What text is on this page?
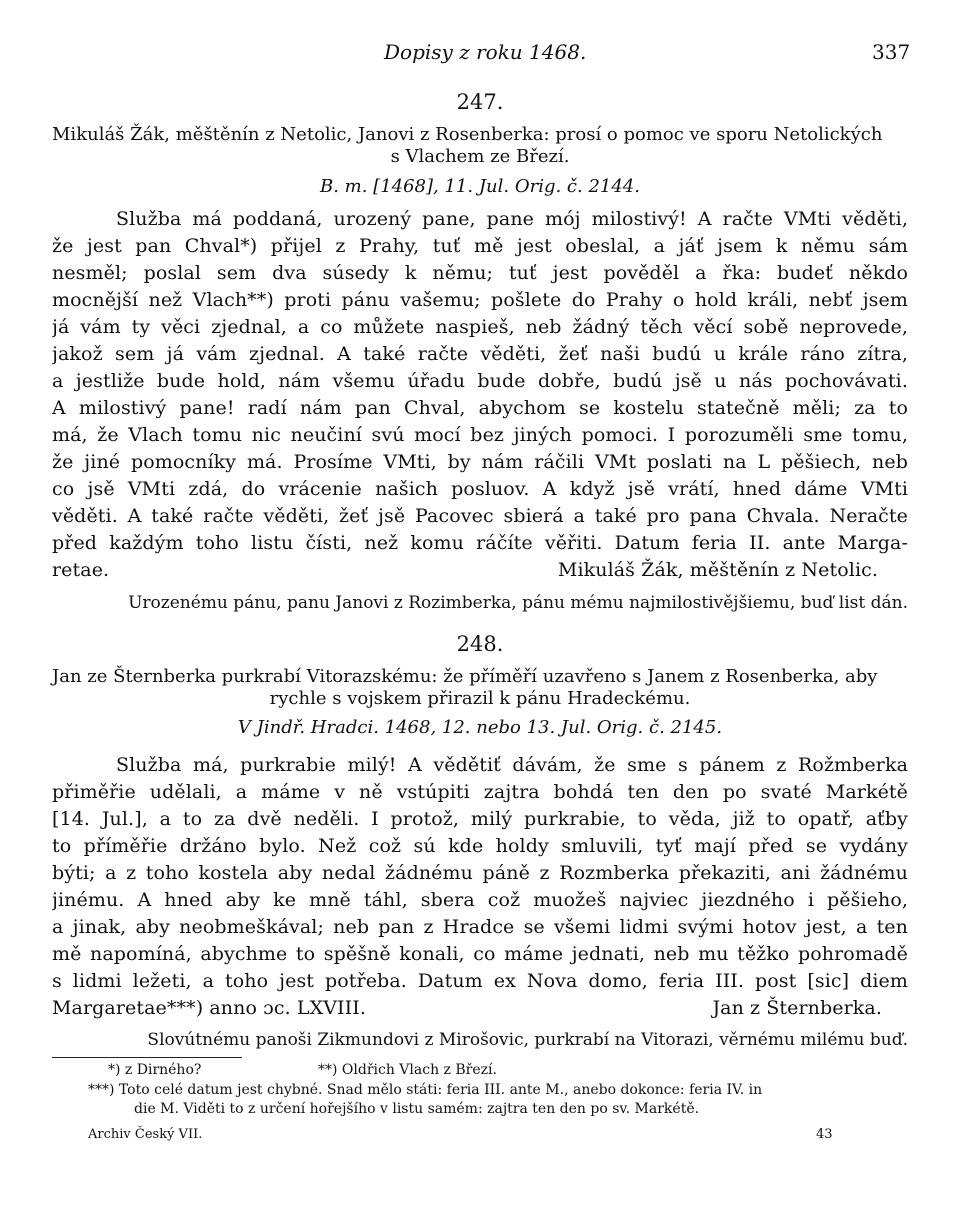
Dopisy z roku 1468.	337
247.
Mikuláš Žák, měštěnín z Netolic, Janovi z Rosenberka: prosí o pomoc ve sporu Netolických
s Vlachem ze Březí.
B. m. [1468], 11. Jul. Orig. č. 2144.
Služba má poddaná, urozený pane, pane mój milostivý! A račte VMti věděti,
že jest pan Chval*) přijel z Prahy, tuť mě jest obeslal, a jáť jsem k němu sám
nesměl; poslal sem dva súsedy k němu; tuť jest pověděl a řka: budeť někdo
mocnější než Vlach**) proti pánu vašemu; pošlete do Prahy o hold králi, nebť jsem
já vám ty věci zjednal, a co můžete naspieš, neb žádný těch věcí sobě neprovede,
jakož sem já vám zjednal. A také račte věděti, žeť naši budú u krále ráno zítra,
a jestliže bude hold, nám všemu úřadu bude dobře, budú jsě u nás pochovávati.
A milostivý pane! radí nám pan Chval, abychom se kostelu statečně měli; za to
má, že Vlach tomu nic neučiní svú mocí bez jiných pomoci. I porozuměli sme tomu,
že jiné pomocníky má. Prosíme VMti, by nám ráčili VMt poslati na L pěšiech, neb
co jsě VMti zdá, do vrácenie našich posluov. A když jsě vrátí, hned dáme VMti
věděti. A také račte věděti, žeť jsě Pacovec sbierá a také pro pana Chvala. Neračte
před každým toho listu čísti, než komu ráčíte věřiti. Datum feria II. ante Marga-
retae.	Mikuláš Žák, měštěnín z Netolic.
Urozenému pánu, panu Janovi z Rozimberka, pánu mému najmilostivějšiemu, buď list dán.
248.
Jan ze Šternberka purkrabí Vitorazskému: že příměří uzavřeno s Janem z Rosenberka, aby
rychle s vojskem přirazil k pánu Hradeckému.
V Jindř. Hradci. 1468, 12. nebo 13. Jul. Orig. č. 2145.
Služba má, purkrabie milý! A vědětiť dávám, že sme s pánem z Rožmberka
přiměřie udělali, a máme v ně vstúpiti zajtra bohdá ten den po svaté Markétě
[14. Jul.], a to za dvě neděli. I protož, milý purkrabie, to věda, již to opatř, aťby
to příměřie držáno bylo. Než což sú kde holdy smluvili, tyť mají před se vydány
býti; a z toho kostela aby nedal žádnému páně z Rozmberka překaziti, ani žádnému
jinému. A hned aby ke mně táhl, sbera což muožeš najviec jiezdného i pěšieho,
a jinak, aby neobmeškával; neb pan z Hradce se všemi lidmi svými hotov jest, a ten
mě napomíná, abychme to spěšně konali, co máme jednati, neb mu těžko pohromadě
s lidmi ležeti, a toho jest potřeba. Datum ex Nova domo, feria III. post [sic] diem
Margaretae***) anno ɔc. LXVIII.	Jan z Šternberka.
Slovútnému panoši Zikmundovi z Mirošovic, purkrabí na Vitorazi, věrnému milému buď.
*) z Dirného?	**) Oldřich Vlach z Březí.
***) Toto celé datum jest chybné. Snad mělo státi: feria III. ante M., anebo dokonce: feria IV. in
die M. Viděti to z určení hořejšího v listu samém: zajtra ten den po sv. Markétě.
Archiv Český VII.	43
